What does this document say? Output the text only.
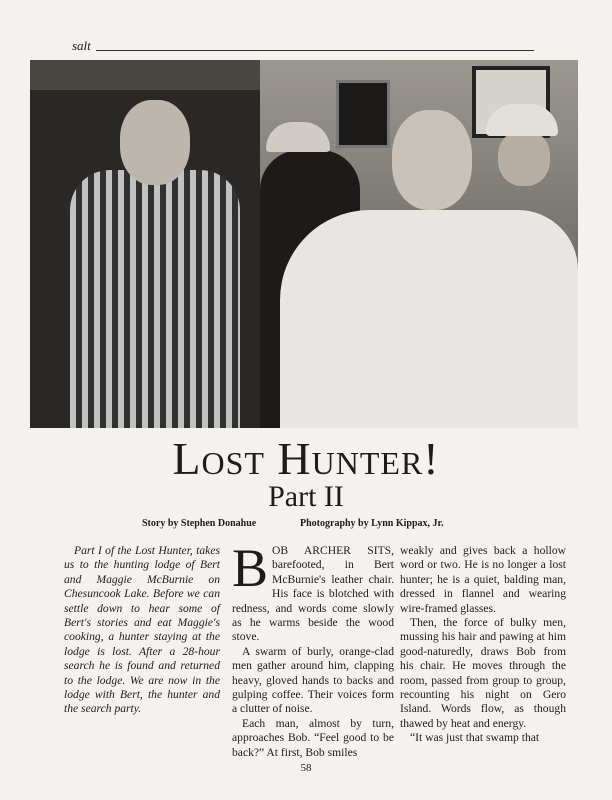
salt
Lost Hunter!
Part II
Story by Stephen Donahue	Photography by Lynn Kippax, Jr.

Part I of the Lost Hunter, takes us to the hunting lodge of Bert and Maggie McBurnie on Chesuncook Lake. Before we can settle down to hear some of Bert's stories and eat Maggie's cooking, a hunter staying at the lodge is lost. After a 28-hour search he is found and returned to the lodge. We are now in the lodge with Bert, the hunter and the search party.

B OB ARCHER SITS, barefooted, in Bert McBurnie's leather chair. His face is blotched with redness, and words come slowly as he warms beside the wood stove.

A swarm of burly, orange-clad men gather around him, clapping heavy, gloved hands to backs and gulping coffee. Their voices form a clutter of noise.

Each man, almost by turn, approaches Bob. “Feel good to be back?” At first, Bob smiles

weakly and gives back a hollow word or two. He is no longer a lost hunter; he is a quiet, balding man, dressed in flannel and wearing wire-framed glasses.

Then, the force of bulky men, mussing his hair and pawing at him good-naturedly, draws Bob from his chair. He moves through the room, passed from group to group, recounting his night on Gero Island. Words flow, as though thawed by heat and energy.

“It was just that swamp that

58
